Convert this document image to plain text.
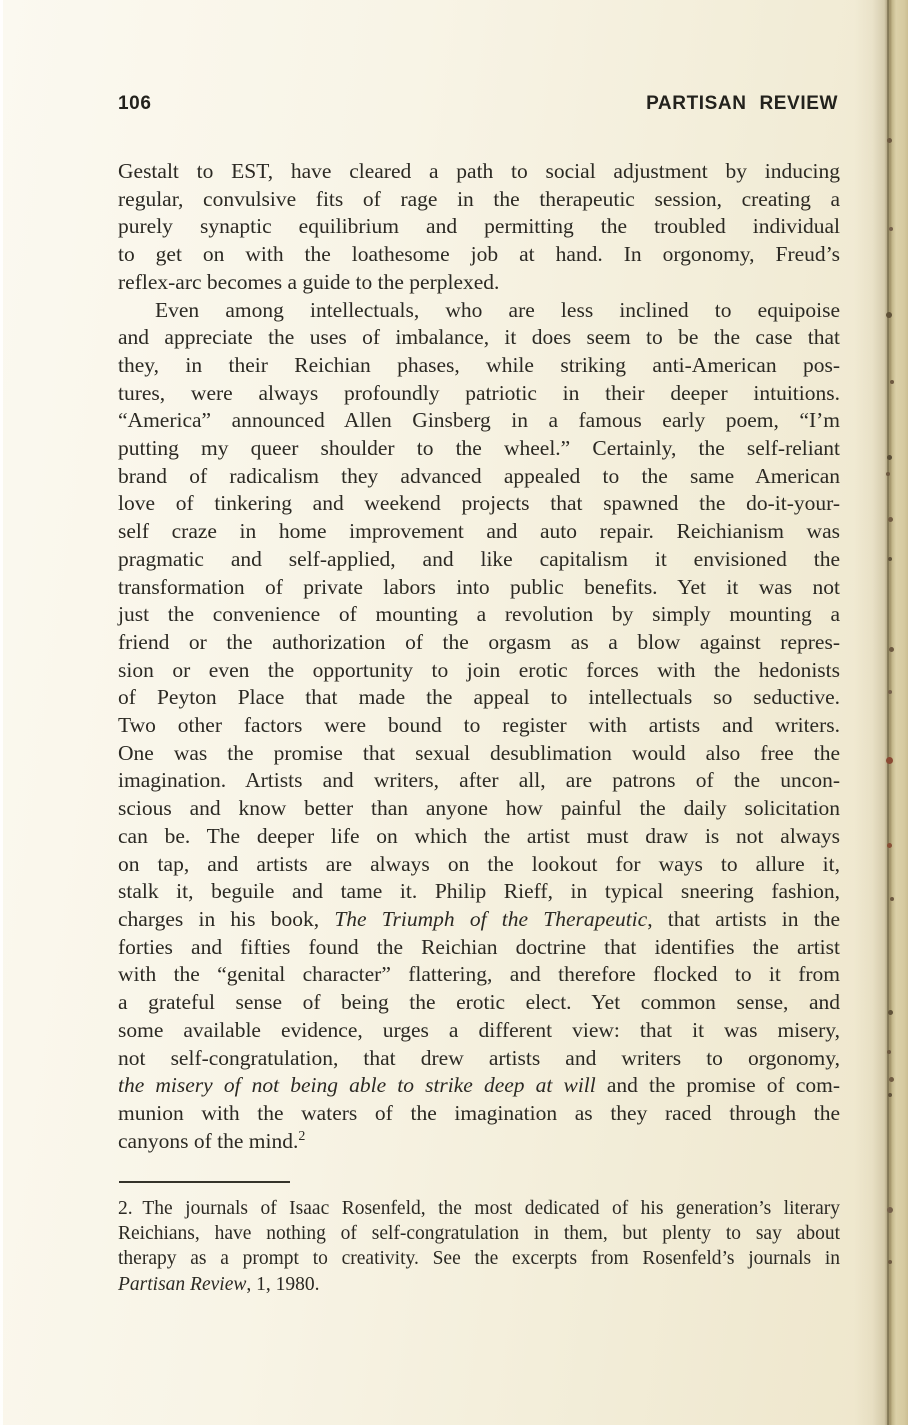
106	PARTISAN REVIEW
Gestalt to EST, have cleared a path to social adjustment by inducing
regular, convulsive fits of rage in the therapeutic session, creating a
purely synaptic equilibrium and permitting the troubled individual
to get on with the loathesome job at hand. In orgonomy, Freud’s
reflex-arc becomes a guide to the perplexed.
Even among intellectuals, who are less inclined to equipoise
and appreciate the uses of imbalance, it does seem to be the case that
they, in their Reichian phases, while striking anti-American pos-
tures, were always profoundly patriotic in their deeper intuitions.
“America” announced Allen Ginsberg in a famous early poem, “I’m
putting my queer shoulder to the wheel.” Certainly, the self-reliant
brand of radicalism they advanced appealed to the same American
love of tinkering and weekend projects that spawned the do-it-your-
self craze in home improvement and auto repair. Reichianism was
pragmatic and self-applied, and like capitalism it envisioned the
transformation of private labors into public benefits. Yet it was not
just the convenience of mounting a revolution by simply mounting a
friend or the authorization of the orgasm as a blow against repres-
sion or even the opportunity to join erotic forces with the hedonists
of Peyton Place that made the appeal to intellectuals so seductive.
Two other factors were bound to register with artists and writers.
One was the promise that sexual desublimation would also free the
imagination. Artists and writers, after all, are patrons of the uncon-
scious and know better than anyone how painful the daily solicitation
can be. The deeper life on which the artist must draw is not always
on tap, and artists are always on the lookout for ways to allure it,
stalk it, beguile and tame it. Philip Rieff, in typical sneering fashion,
charges in his book, The Triumph of the Therapeutic, that artists in the
forties and fifties found the Reichian doctrine that identifies the artist
with the “genital character” flattering, and therefore flocked to it from
a grateful sense of being the erotic elect. Yet common sense, and
some available evidence, urges a different view: that it was misery,
not self-congratulation, that drew artists and writers to orgonomy,
the misery of not being able to strike deep at will and the promise of com-
munion with the waters of the imagination as they raced through the
canyons of the mind.$^2$
2. The journals of Isaac Rosenfeld, the most dedicated of his generation’s literary
Reichians, have nothing of self-congratulation in them, but plenty to say about
therapy as a prompt to creativity. See the excerpts from Rosenfeld’s journals in
Partisan Review, 1, 1980.
